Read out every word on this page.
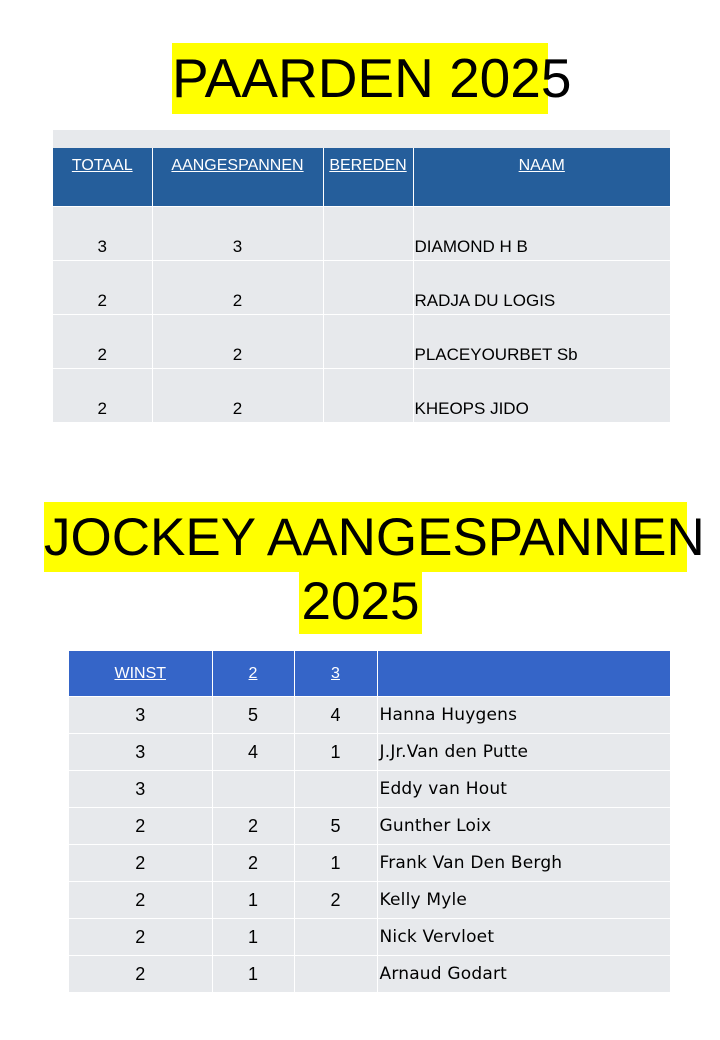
PAARDEN 2025

TOTAAL	AANGESPANNEN	BEREDEN	NAAM
3	3		DIAMOND H B
2	2		RADJA DU LOGIS
2	2		PLACEYOURBET Sb
2	2		KHEOPS JIDO
JOCKEY AANGESPANNEN
2025
WINST	2	3	
3	5	4	Hanna Huygens
3	4	1	J.Jr.Van den Putte
3			Eddy van Hout
2	2	5	Gunther Loix
2	2	1	Frank Van Den Bergh
2	1	2	Kelly Myle
2	1		Nick Vervloet
2	1		Arnaud Godart
